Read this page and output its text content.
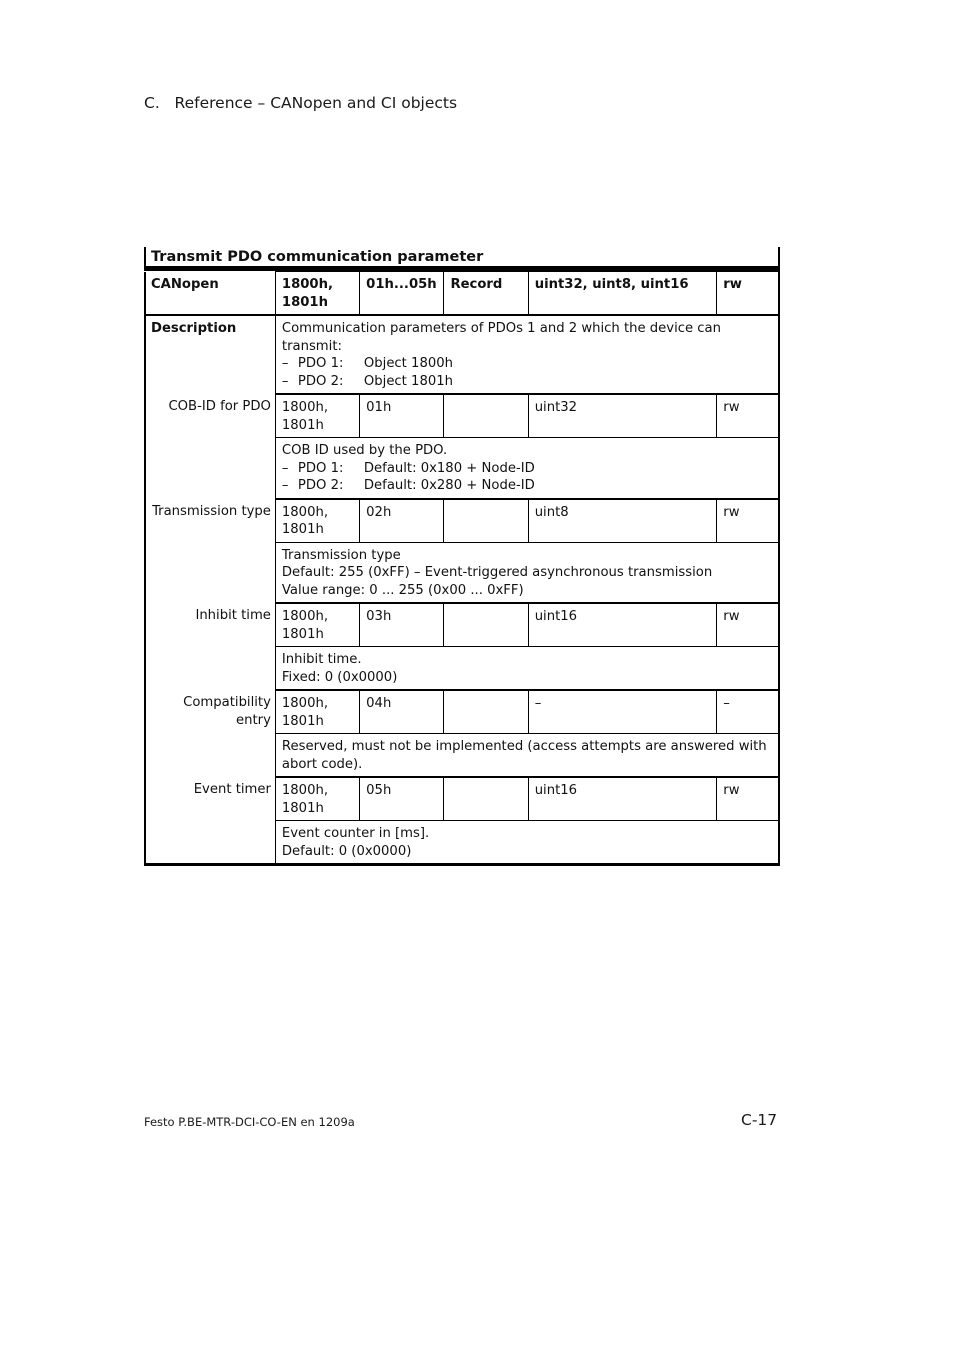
C. Reference – CANopen and CI objects
Transmit PDO communication parameter
CANopen	1800h, 1801h	01h...05h	Record	uint32, uint8, uint16	rw
Description	Communication parameters of PDOs 1 and 2 which the device can transmit:
– PDO 1: Object 1800h
– PDO 2: Object 1801h				

COB-ID for PDO	1800h, 1801h	01h		uint32	rw

	COB ID used by the PDO.
– PDO 1: Default: 0x180 + Node-ID
– PDO 2: Default: 0x280 + Node-ID				

Transmission type	1800h, 1801h	02h		uint8	rw

	Transmission type
Default: 255 (0xFF) – Event-triggered asynchronous transmission
Value range: 0 ... 255 (0x00 ... 0xFF)				

Inhibit time	1800h, 1801h	03h		uint16	rw

	Inhibit time.
Fixed: 0 (0x0000)				

Compatibility entry	1800h, 1801h	04h		–	–

	Reserved, must not be implemented (access attempts are answered with abort code).				

Event timer	1800h, 1801h	05h		uint16	rw

	Event counter in [ms].
Default: 0 (0x0000)				
Festo P.BE-MTR-DCI-CO-EN en 1209a	C-17
